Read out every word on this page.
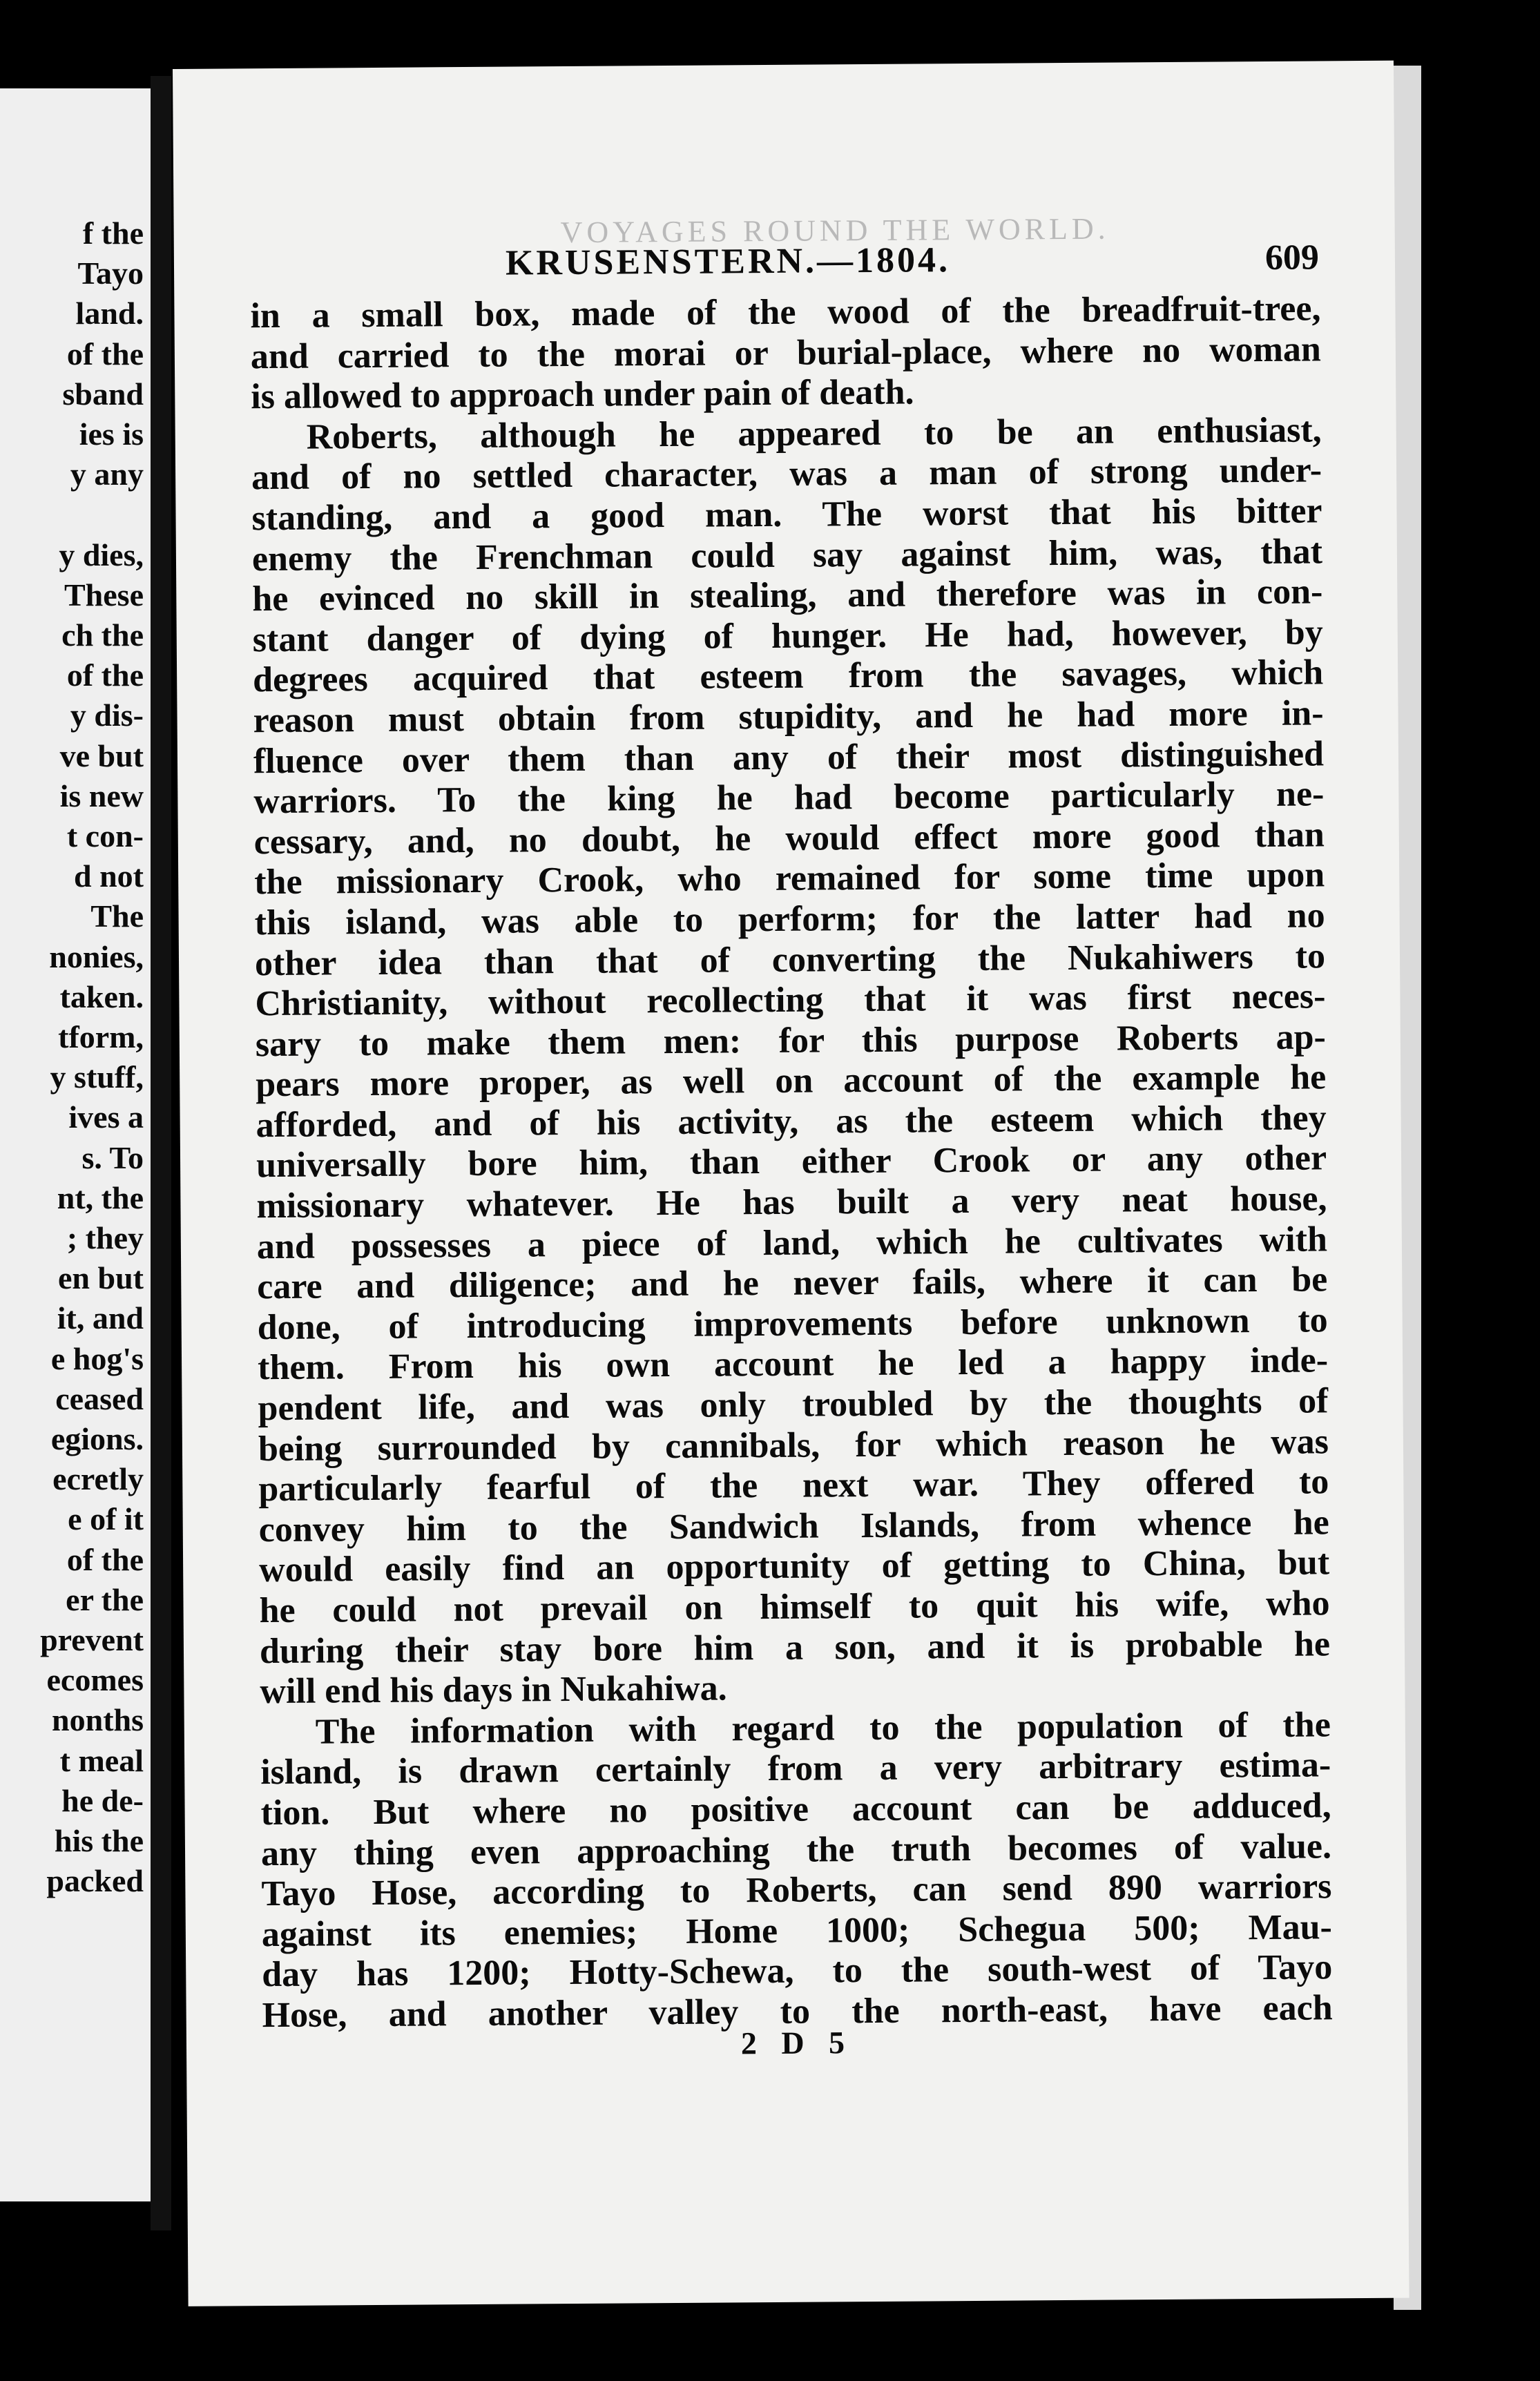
f the
Tayo
land.
of the
sband
ies is
y any
y dies,
These
ch the
of the
y dis-
ve but
is new
t con-
d not
The
nonies,
taken.
tform,
y stuff,
ives a
s. To
nt, the
; they
en but
it, and
e hog's
ceased
egions.
ecretly
e of it
of the
er the
prevent
ecomes
nonths
t meal
he de-
his the
packed
VOYAGES ROUND THE WORLD.
KRUSENSTERN.—1804.	609
in a small box, made of the wood of the breadfruit-tree,
and carried to the morai or burial-place, where no woman
is allowed to approach under pain of death.
Roberts, although he appeared to be an enthusiast,
and of no settled character, was a man of strong under-
standing, and a good man. The worst that his bitter
enemy the Frenchman could say against him, was, that
he evinced no skill in stealing, and therefore was in con-
stant danger of dying of hunger. He had, however, by
degrees acquired that esteem from the savages, which
reason must obtain from stupidity, and he had more in-
fluence over them than any of their most distinguished
warriors. To the king he had become particularly ne-
cessary, and, no doubt, he would effect more good than
the missionary Crook, who remained for some time upon
this island, was able to perform; for the latter had no
other idea than that of converting the Nukahiwers to
Christianity, without recollecting that it was first neces-
sary to make them men: for this purpose Roberts ap-
pears more proper, as well on account of the example he
afforded, and of his activity, as the esteem which they
universally bore him, than either Crook or any other
missionary whatever. He has built a very neat house,
and possesses a piece of land, which he cultivates with
care and diligence; and he never fails, where it can be
done, of introducing improvements before unknown to
them. From his own account he led a happy inde-
pendent life, and was only troubled by the thoughts of
being surrounded by cannibals, for which reason he was
particularly fearful of the next war. They offered to
convey him to the Sandwich Islands, from whence he
would easily find an opportunity of getting to China, but
he could not prevail on himself to quit his wife, who
during their stay bore him a son, and it is probable he
will end his days in Nukahiwa.
The information with regard to the population of the
island, is drawn certainly from a very arbitrary estima-
tion. But where no positive account can be adduced,
any thing even approaching the truth becomes of value.
Tayo Hose, according to Roberts, can send 890 warriors
against its enemies; Home 1000; Schegua 500; Mau-
day has 1200; Hotty-Schewa, to the south-west of Tayo
Hose, and another valley to the north-east, have each
2 D 5
